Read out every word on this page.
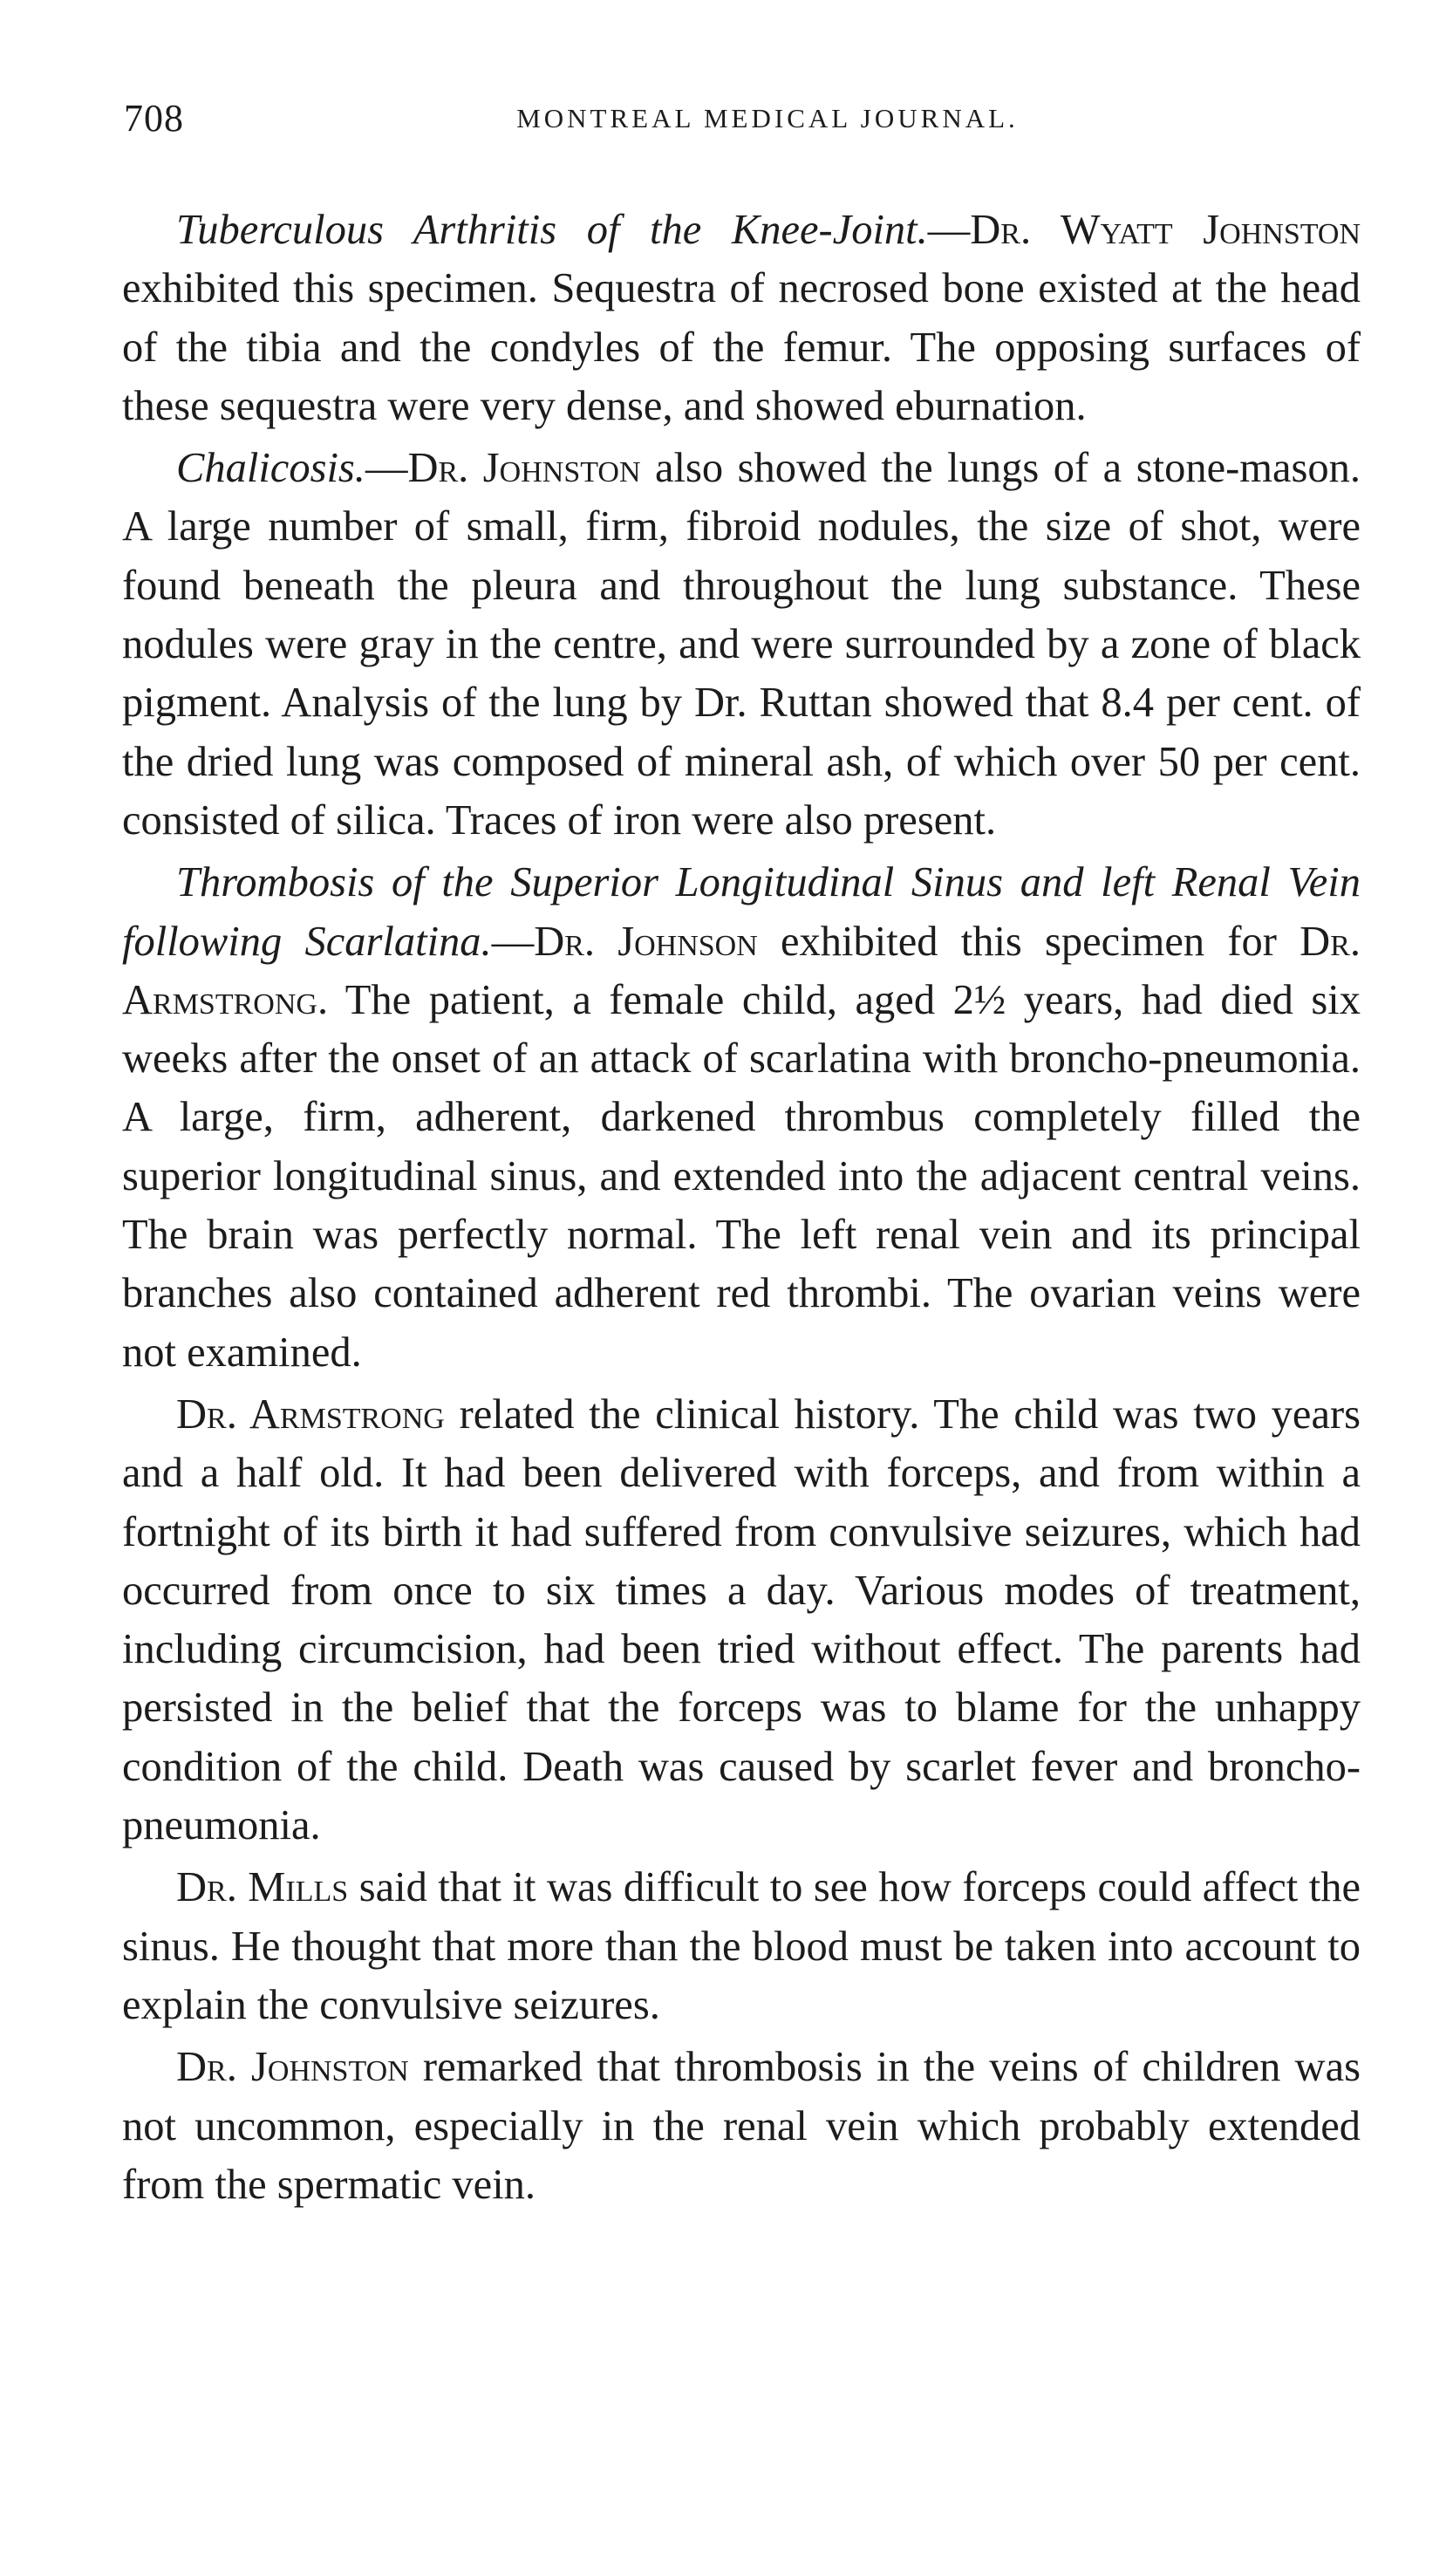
708	MONTREAL MEDICAL JOURNAL.

Tuberculous Arthritis of the Knee-Joint.—Dr. Wyatt Johnston exhibited this specimen. Sequestra of necrosed bone existed at the head of the tibia and the condyles of the femur. The opposing surfaces of these sequestra were very dense, and showed eburnation.

Chalicosis.—Dr. Johnston also showed the lungs of a stone-mason. A large number of small, firm, fibroid nodules, the size of shot, were found beneath the pleura and throughout the lung substance. These nodules were gray in the centre, and were surrounded by a zone of black pigment. Analysis of the lung by Dr. Ruttan showed that 8.4 per cent. of the dried lung was composed of mineral ash, of which over 50 per cent. consisted of silica. Traces of iron were also present.

Thrombosis of the Superior Longitudinal Sinus and left Renal Vein following Scarlatina.—Dr. Johnson exhibited this specimen for Dr. Armstrong. The patient, a female child, aged 2½ years, had died six weeks after the onset of an attack of scarlatina with broncho-pneumonia. A large, firm, adherent, darkened thrombus completely filled the superior longitudinal sinus, and extended into the adjacent central veins. The brain was perfectly normal. The left renal vein and its principal branches also contained adherent red thrombi. The ovarian veins were not examined.

Dr. Armstrong related the clinical history. The child was two years and a half old. It had been delivered with forceps, and from within a fortnight of its birth it had suffered from convulsive seizures, which had occurred from once to six times a day. Various modes of treatment, including circumcision, had been tried without effect. The parents had persisted in the belief that the forceps was to blame for the unhappy condition of the child. Death was caused by scarlet fever and broncho-pneumonia.

Dr. Mills said that it was difficult to see how forceps could affect the sinus. He thought that more than the blood must be taken into account to explain the convulsive seizures.

Dr. Johnston remarked that thrombosis in the veins of children was not uncommon, especially in the renal vein which probably extended from the spermatic vein.
